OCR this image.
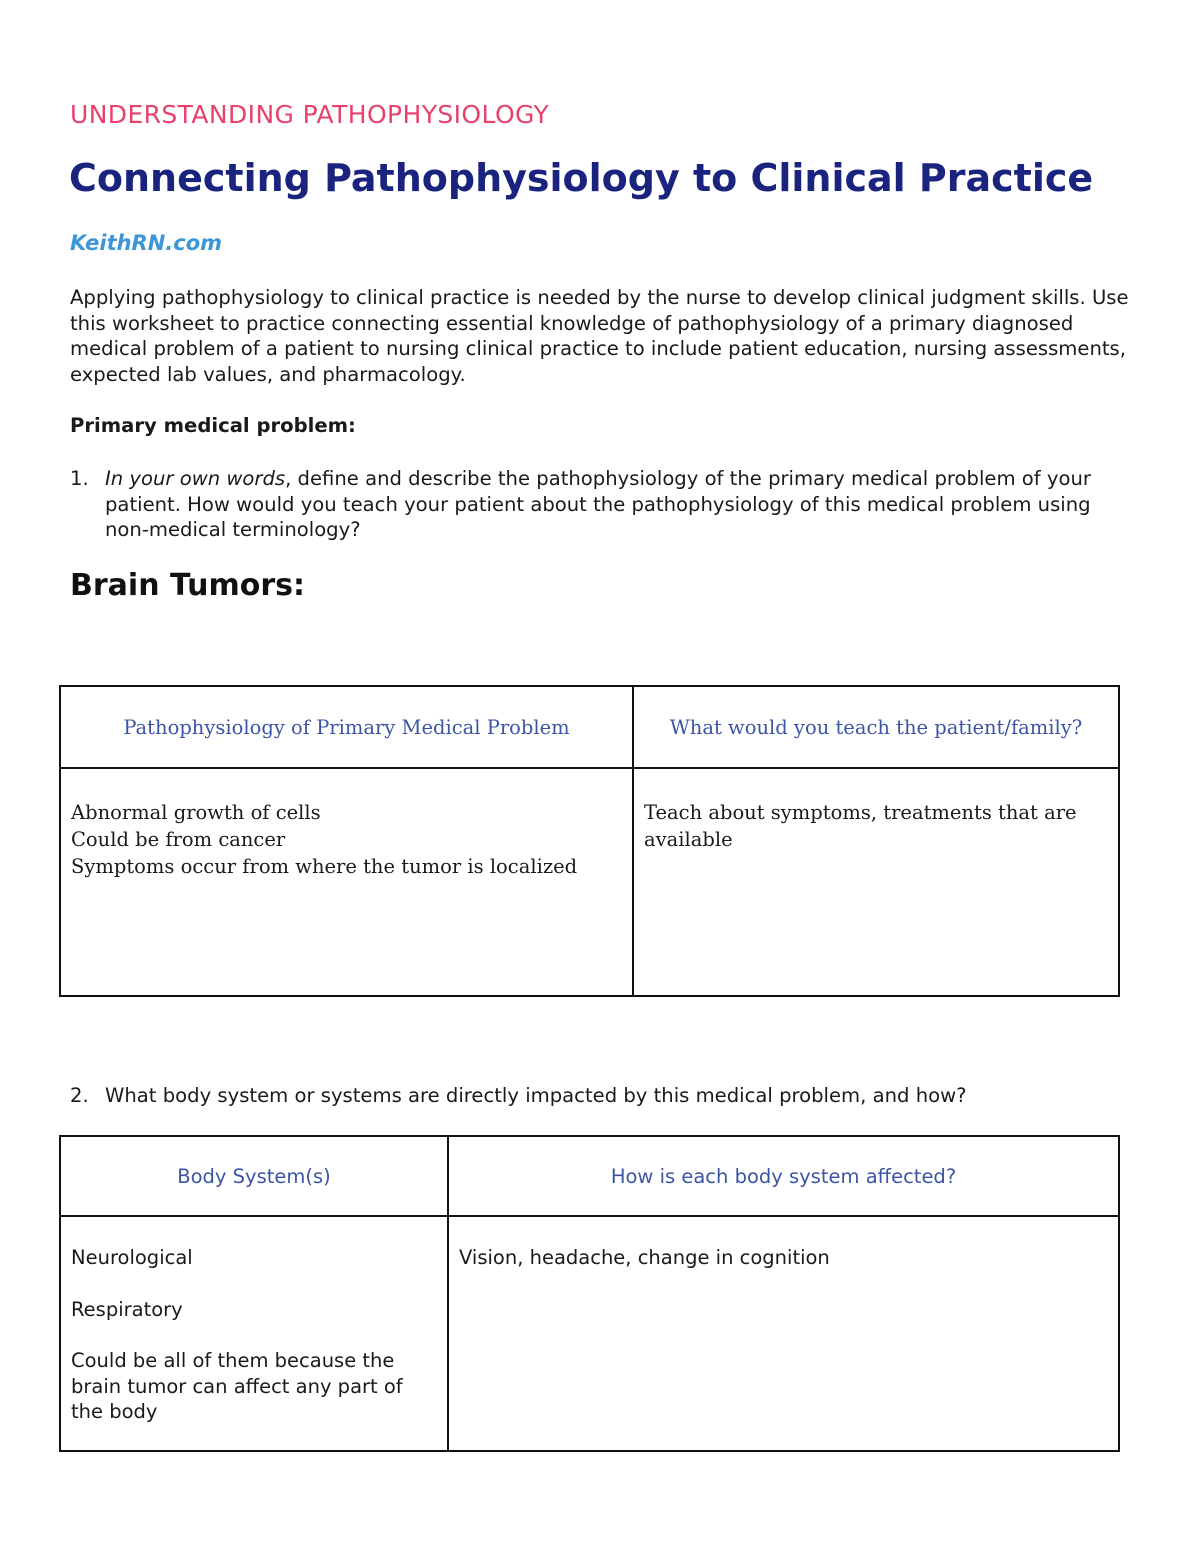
UNDERSTANDING PATHOPHYSIOLOGY
Connecting Pathophysiology to Clinical Practice
KeithRN.com

Applying pathophysiology to clinical practice is needed by the nurse to develop clinical judgment skills. Use this worksheet to practice connecting essential knowledge of pathophysiology of a primary diagnosed medical problem of a patient to nursing clinical practice to include patient education, nursing assessments, expected lab values, and pharmacology.

Primary medical problem:
1. In your own words, define and describe the pathophysiology of the primary medical problem of your patient. How would you teach your patient about the pathophysiology of this medical problem using non-medical terminology?
Brain Tumors:
Pathophysiology of Primary Medical Problem	What would you teach the patient/family?

Abnormal growth of cells
Could be from cancer
Symptoms occur from where the tumor is localized	Teach about symptoms, treatments that are available
2. What body system or systems are directly impacted by this medical problem, and how?
Body System(s)	How is each body system affected?

Neurological
Respiratory
Could be all of them because the brain tumor can affect any part of the body	Vision, headache, change in cognition
